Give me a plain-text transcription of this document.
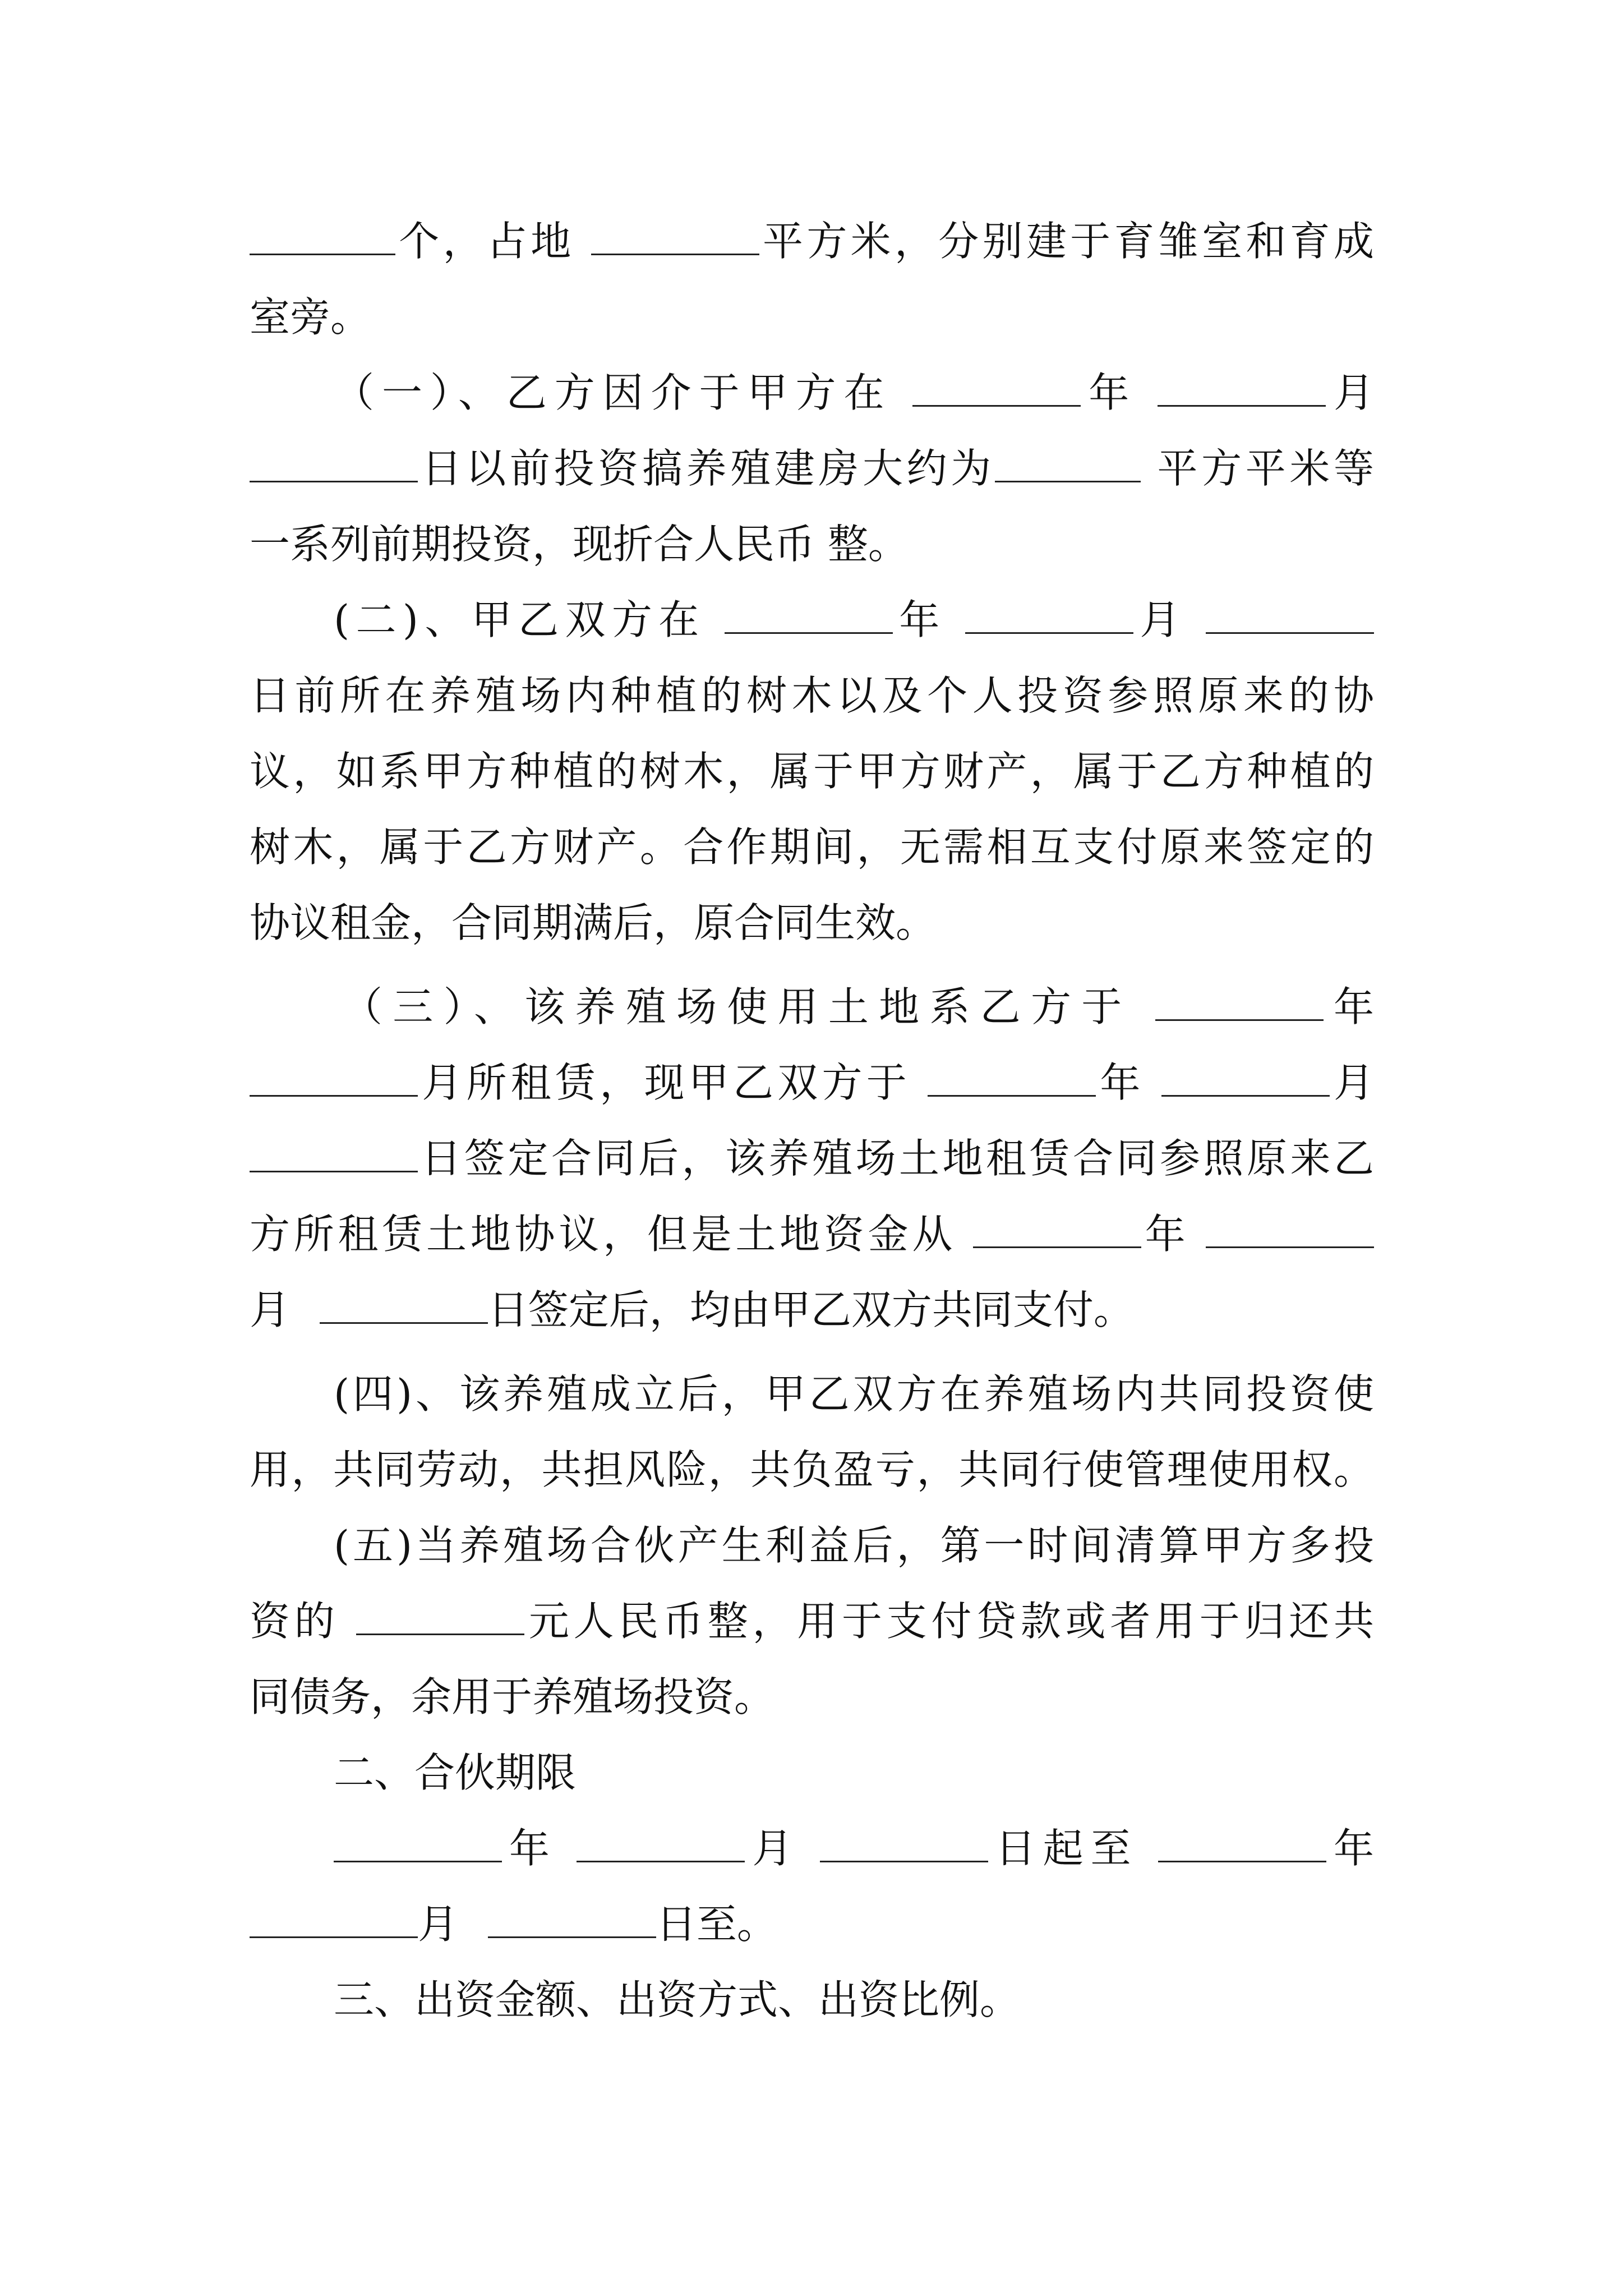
个，占地	平方米，分别建于育雏室和育成
室旁。
（一）、乙方因介于甲方在	年	月
日以前投资搞养殖建房大约为	平方平米等
一系列前期投资，现折合人民币 整。
(二)、甲乙双方在	年	月
日前所在养殖场内种植的树木以及个人投资参照原来的协
议，如系甲方种植的树木，属于甲方财产，属于乙方种植的
树木，属于乙方财产。合作期间，无需相互支付原来签定的
协议租金，合同期满后，原合同生效。
（三）、该养殖场使用土地系乙方于	年
月所租赁，现甲乙双方于	年	月
日签定合同后，该养殖场土地租赁合同参照原来乙
方所租赁土地协议，但是土地资金从	年
月	日签定后，均由甲乙双方共同支付。
(四)、该养殖成立后，甲乙双方在养殖场内共同投资使
用，共同劳动，共担风险，共负盈亏，共同行使管理使用权。
(五)当养殖场合伙产生利益后，第一时间清算甲方多投
资的	元人民币整，用于支付贷款或者用于归还共
同债务，余用于养殖场投资。
二、合伙期限
年	月	日起至	年
月	日至。
三、出资金额、出资方式、出资比例。
